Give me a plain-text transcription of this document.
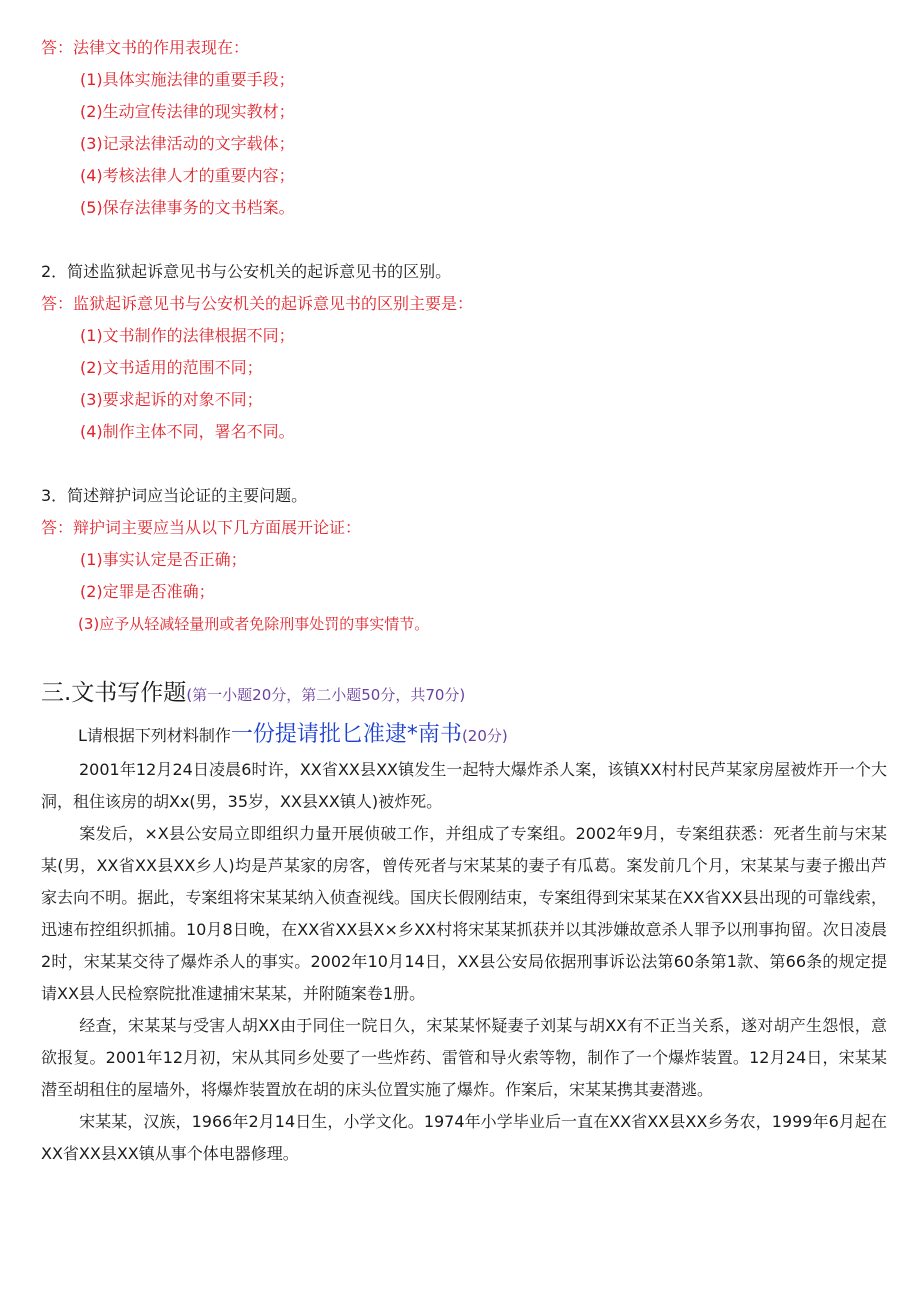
答：法律文书的作用表现在：
(1)具体实施法律的重要手段；
(2)生动宣传法律的现实教材；
(3)记录法律活动的文字载体；
(4)考核法律人才的重要内容；
(5)保存法律事务的文书档案。
2．简述监狱起诉意见书与公安机关的起诉意见书的区别。
答：监狱起诉意见书与公安机关的起诉意见书的区别主要是：
(1)文书制作的法律根据不同；
(2)文书适用的范围不同；
(3)要求起诉的对象不同；
(4)制作主体不同，署名不同。
3．简述辩护词应当论证的主要问题。
答：辩护词主要应当从以下几方面展开论证：
(1)事实认定是否正确；
(2)定罪是否准确；
(3)应予从轻减轻量刑或者免除刑事处罚的事实情节。
三.文书写作题(第一小题20分，第二小题50分，共70分)
L请根据下列材料制作一份提请批匕准逮*南书(20分)
2001年12月24日凌晨6时许，XX省XX县XX镇发生一起特大爆炸杀人案，该镇XX村村民芦某家房屋被炸开一个大洞，租住该房的胡Xx(男，35岁，XX县XX镇人)被炸死。
案发后，×X县公安局立即组织力量开展侦破工作，并组成了专案组。2002年9月，专案组获悉：死者生前与宋某某(男，XX省XX县XX乡人)均是芦某家的房客，曾传死者与宋某某的妻子有瓜葛。案发前几个月，宋某某与妻子搬出芦家去向不明。据此，专案组将宋某某纳入侦查视线。国庆长假刚结束，专案组得到宋某某在XX省XX县出现的可靠线索，迅速布控组织抓捕。10月8日晚，在XX省XX县X×乡XX村将宋某某抓获并以其涉嫌故意杀人罪予以刑事拘留。次日凌晨2时，宋某某交待了爆炸杀人的事实。2002年10月14日，XX县公安局依据刑事诉讼法第60条第1款、第66条的规定提请XX县人民检察院批准逮捕宋某某，并附随案卷1册。
经查，宋某某与受害人胡XX由于同住一院日久，宋某某怀疑妻子刘某与胡XX有不正当关系，遂对胡产生怨恨，意欲报复。2001年12月初，宋从其同乡处要了一些炸药、雷管和导火索等物，制作了一个爆炸装置。12月24日，宋某某潜至胡租住的屋墙外，将爆炸装置放在胡的床头位置实施了爆炸。作案后，宋某某携其妻潜逃。
宋某某，汉族，1966年2月14日生，小学文化。1974年小学毕业后一直在XX省XX县XX乡务农，1999年6月起在XX省XX县XX镇从事个体电器修理。
